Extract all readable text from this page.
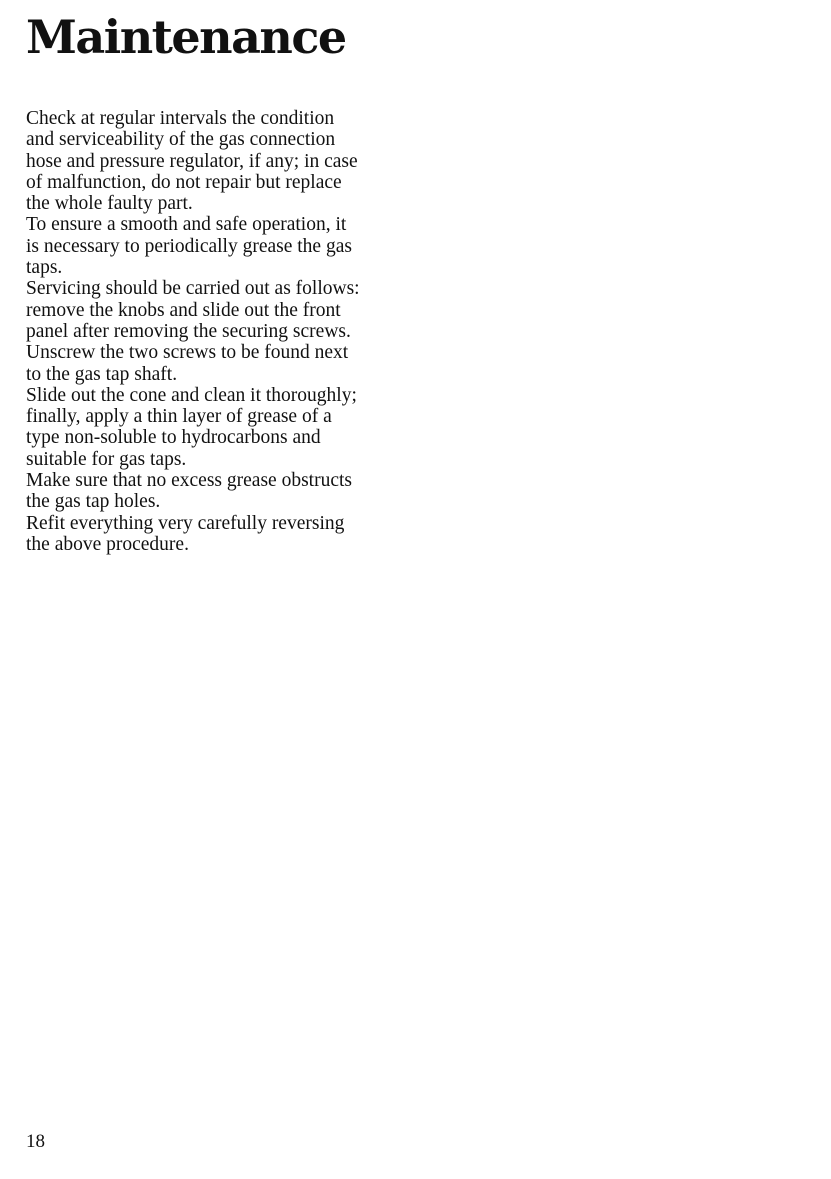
Maintenance
Check at regular intervals the condition
and serviceability of the gas connection
hose and pressure regulator, if any; in case
of malfunction, do not repair but replace
the whole faulty part.
To ensure a smooth and safe operation, it
is necessary to periodically grease the gas
taps.
Servicing should be carried out as follows:
remove the knobs and slide out the front
panel after removing the securing screws.
Unscrew the two screws to be found next
to the gas tap shaft.
Slide out the cone and clean it thoroughly;
finally, apply a thin layer of grease of a
type non-soluble to hydrocarbons and
suitable for gas taps.
Make sure that no excess grease obstructs
the gas tap holes.
Refit everything very carefully reversing
the above procedure.
18
